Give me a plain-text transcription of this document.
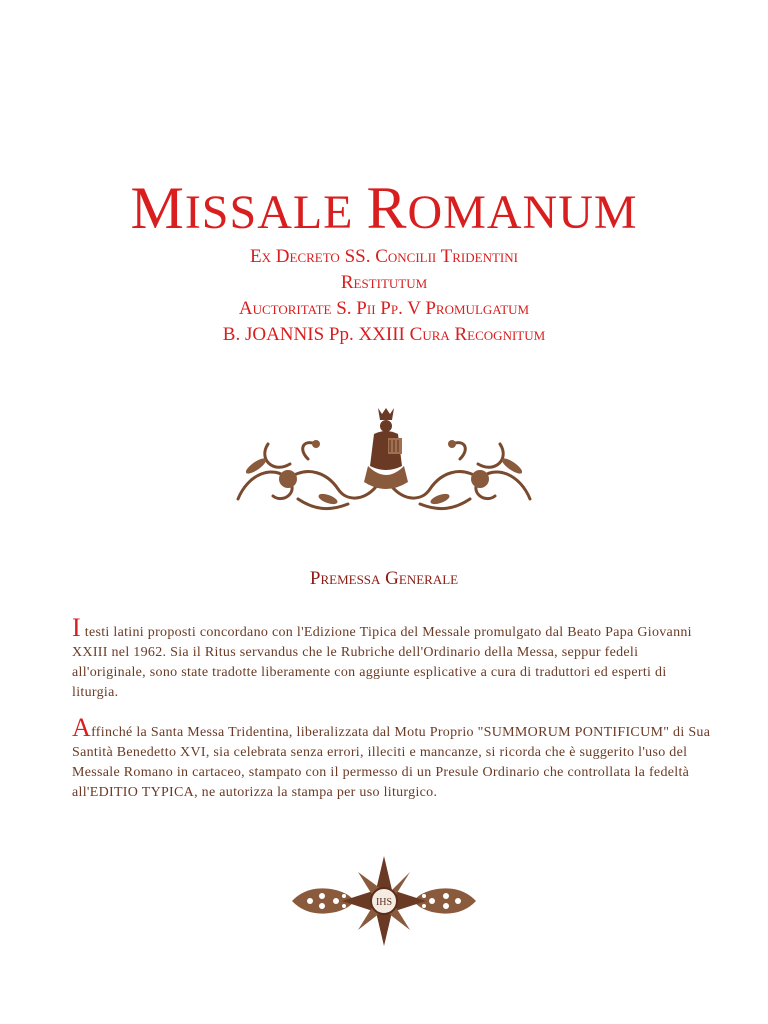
MISSALE ROMANUM
Ex Decreto SS. Concilii Tridentini
Restitutum
Auctoritate S. Pii Pp. V Promulgatum
B. JOANNIS Pp. XXIII Cura Recognitum
Premessa Generale
I testi latini proposti concordano con l'Edizione Tipica del Messale promulgato dal Beato Papa Giovanni XXIII nel 1962. Sia il Ritus servandus che le Rubriche dell'Ordinario della Messa, seppur fedeli all'originale, sono state tradotte liberamente con aggiunte esplicative a cura di traduttori ed esperti di liturgia.
Affinché la Santa Messa Tridentina, liberalizzata dal Motu Proprio "SUMMORUM PONTIFICUM" di Sua Santità Benedetto XVI, sia celebrata senza errori, illeciti e mancanze, si ricorda che è suggerito l'uso del Messale Romano in cartaceo, stampato con il permesso di un Presule Ordinario che controllata la fedeltà all'EDITIO TYPICA, ne autorizza la stampa per uso liturgico.
IHS
